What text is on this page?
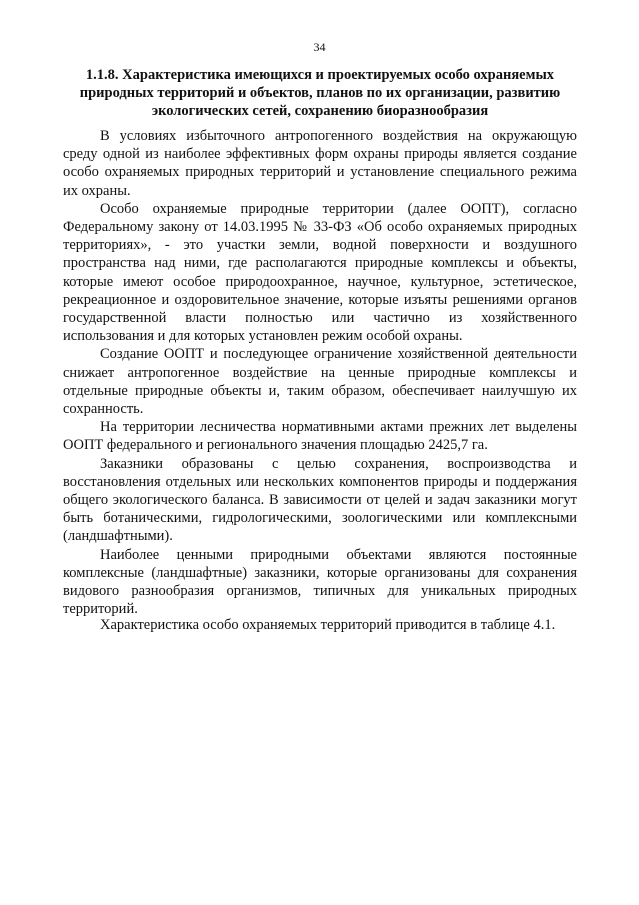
34
1.1.8. Характеристика имеющихся и проектируемых особо охраняемых природных территорий и объектов, планов по их организации, развитию экологических сетей, сохранению биоразнообразия

В условиях избыточного антропогенного воздействия на окружающую среду одной из наиболее эффективных форм охраны природы является создание особо охраняемых природных территорий и установление специального режима их охраны.

Особо охраняемые природные территории (далее ООПТ), согласно Федеральному закону от 14.03.1995 № 33-ФЗ «Об особо охраняемых природных территориях», - это участки земли, водной поверхности и воздушного пространства над ними, где располагаются природные комплексы и объекты, которые имеют особое природоохранное, научное, культурное, эстетическое, рекреационное и оздоровительное значение, которые изъяты решениями органов государственной власти полностью или частично из хозяйственного использования и для которых установлен режим особой охраны.

Создание ООПТ и последующее ограничение хозяйственной деятельности снижает антропогенное воздействие на ценные природные комплексы и отдельные природные объекты и, таким образом, обеспечивает наилучшую их сохранность.

На территории лесничества нормативными актами прежних лет выделены ООПТ федерального и регионального значения площадью 2425,7 га.

Заказники образованы с целью сохранения, воспроизводства и восстановления отдельных или нескольких компонентов природы и поддержания общего экологического баланса. В зависимости от целей и задач заказники могут быть ботаническими, гидрологическими, зоологическими или комплексными (ландшафтными).

Наиболее ценными природными объектами являются постоянные комплексные (ландшафтные) заказники, которые организованы для сохранения видового разнообразия организмов, типичных для уникальных природных территорий.

Характеристика особо охраняемых территорий приводится в таблице 4.1.
